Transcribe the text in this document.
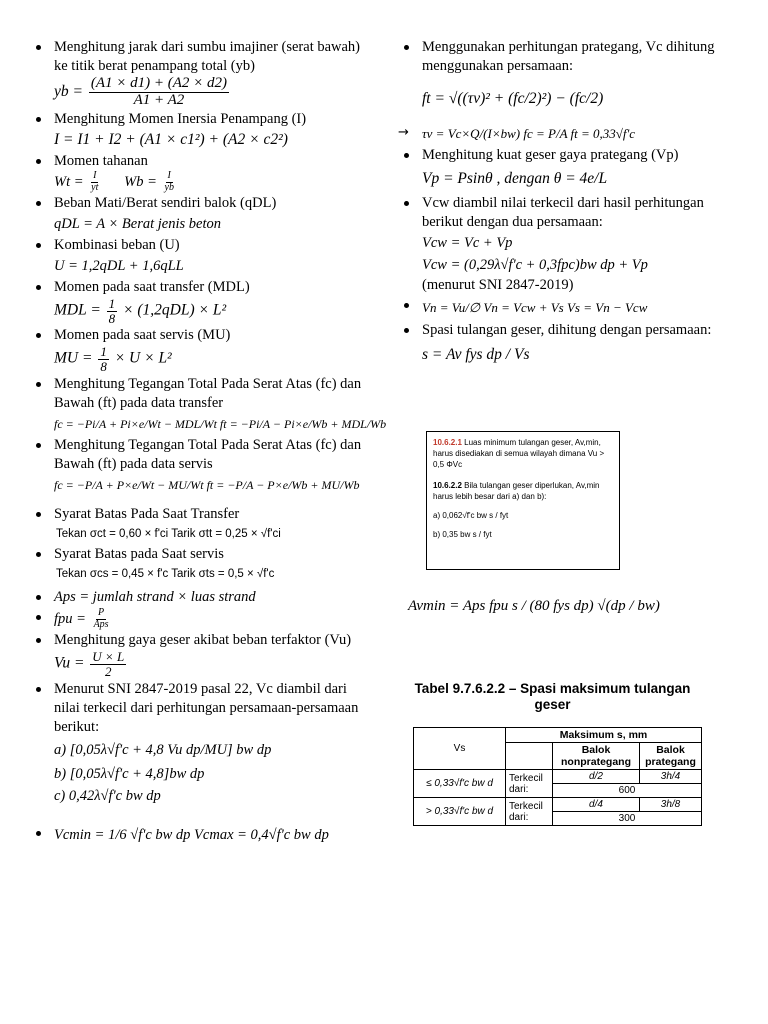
Menghitung jarak dari sumbu imajiner (serat bawah) ke titik berat penampang total (yb)
yb = $\frac{(A1 \times d1) + (A2 \times d2)}{A1 + A2}$
Menghitung Momen Inersia Penampang (I)
I = I1 + I2 + (A1 × c1²) + (A2 × c2²)
Momen tahanan
$Wt = \frac{I}{yt}$ $Wb = \frac{I}{yb}$
Beban Mati/Berat sendiri balok (qDL)
qDL = A × Berat jenis beton
Kombinasi beban (U)
U = 1,2qDL + 1,6qLL
Momen pada saat transfer (MDL)
MDL = $\frac{1}{8} \times (1,2qDL) \times L^2$
Momen pada saat servis (MU)
MU = $\frac{1}{8} \times U \times L^2$
Menghitung Tegangan Total Pada Serat Atas (fc) dan Bawah (ft) pada data transfer
fc = −Pi/A + Pi×e/Wt − MDL/Wt ft = −Pi/A − Pi×e/Wb + MDL/Wb
Menghitung Tegangan Total Pada Serat Atas (fc) dan Bawah (ft) pada data servis
fc = −P/A + P×e/Wt − MU/Wt ft = −P/A − P×e/Wb + MU/Wb
Syarat Batas Pada Saat Transfer
Tekan σct = 0,60 × f'ci Tarik σtt = 0,25 × √f'ci
Syarat Batas pada Saat servis
Tekan σcs = 0,45 × f'c Tarik σts = 0,5 × √f'c
Aps = jumlah strand × luas strand
fpu = $\frac{P}{\text{Aps}}$
Menghitung gaya geser akibat beban terfaktor (Vu)
$Vu = \frac{U \times L}{2}$
Menurut SNI 2847-2019 pasal 22, Vc diambil dari nilai terkecil dari perhitungan persamaan-persamaan berikut:
a) [0,05λ√f'c + 4,8 Vu dp/MU] bw dp
b) [0,05λ√f'c + 4,8]bw dp
c) 0,42λ√f'c bw dp
Vcmin = 1/6 √f'c bw dp Vcmax = 0,4√f'c bw dp
Menggunakan perhitungan prategang, Vc dihitung menggunakan persamaan:
ft = √((τv)² + (fc/2)²) − (fc/2)
→ τv = Vc×Q/(I×bw) fc = P/A ft = 0,33√f'c
Menghitung kuat geser gaya prategang (Vp)
Vp = Psinθ , dengan θ = 4e/L
Vcw diambil nilai terkecil dari hasil perhitungan berikut dengan dua persamaan:
Vcw = Vc + Vp
Vcw = (0,29λ√f'c + 0,3fpc)bw dp + Vp
(menurut SNI 2847-2019)
Vn = Vu/∅ Vn = Vcw + Vs Vs = Vn − Vcw
Spasi tulangan geser, dihitung dengan persamaan:
s = Av fys dp / Vs
10.6.2.1 Luas minimum tulangan geser, Av,min, harus disediakan di semua wilayah dimana Vu > 0,5 ΦVc
10.6.2.2 Bila tulangan geser diperlukan, Av,min harus lebih besar dari a) dan b):
a) 0,062√f'c bw s / fyt
b) 0,35 bw s / fyt
Avmin = Aps fpu s / (80 fys dp) √(dp / bw)
Tabel 9.7.6.2.2 – Spasi maksimum tulangan geser
Vs	Maksimum s, mm		
		Balok nonprategang	Balok prategang
≤ 0,33√f'c bw d	Terkecil dari:	d/2	3h/4
		600	
> 0,33√f'c bw d	Terkecil dari:	d/4	3h/8
		300	
